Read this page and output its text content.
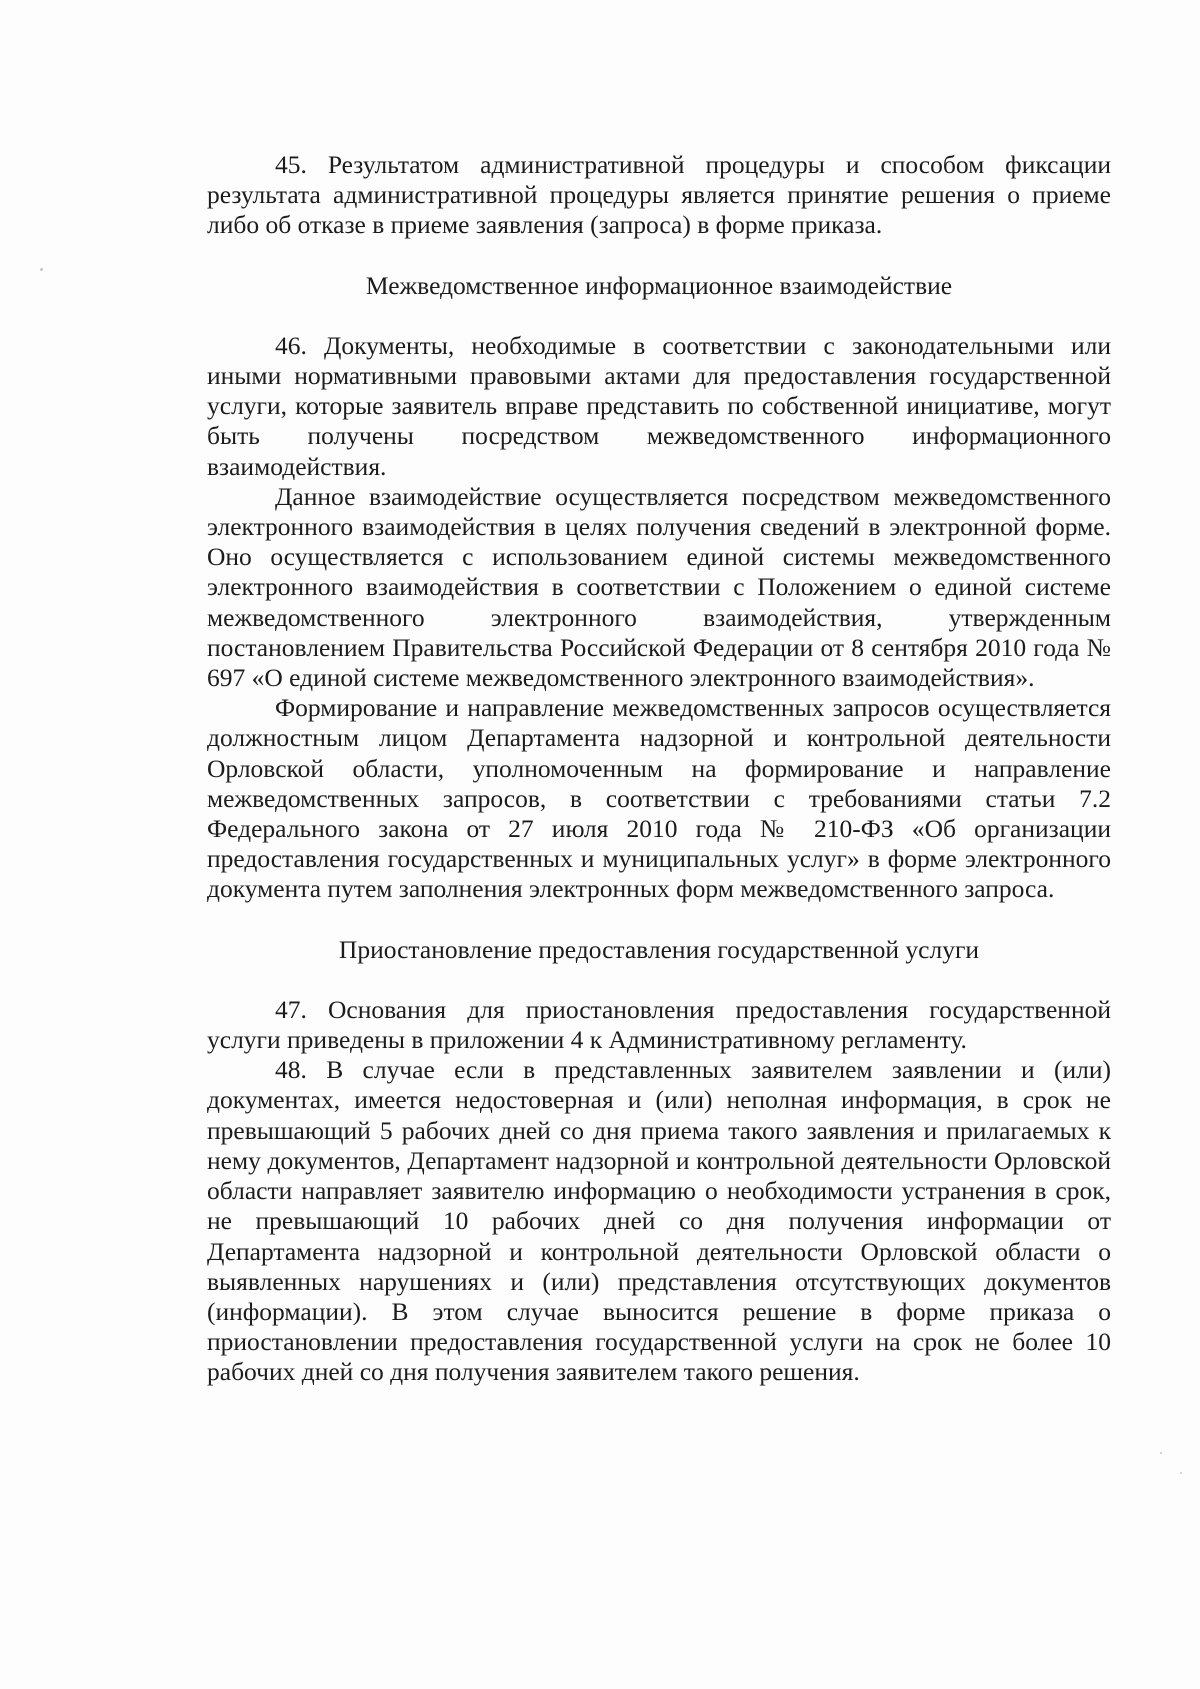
45. Результатом административной процедуры и способом фиксации результата административной процедуры является принятие решения о приеме либо об отказе в приеме заявления (запроса) в форме приказа.

Межведомственное информационное взаимодействие

46. Документы, необходимые в соответствии с законодательными или иными нормативными правовыми актами для предоставления государственной услуги, которые заявитель вправе представить по собственной инициативе, могут быть получены посредством межведомственного информационного взаимодействия.

Данное взаимодействие осуществляется посредством межведомственного электронного взаимодействия в целях получения сведений в электронной форме. Оно осуществляется с использованием единой системы межведомственного электронного взаимодействия в соответствии с Положением о единой системе межведомственного электронного взаимодействия, утвержденным постановлением Правительства Российской Федерации от 8 сентября 2010 года № 697 «О единой системе межведомственного электронного взаимодействия».

Формирование и направление межведомственных запросов осуществляется должностным лицом Департамента надзорной и контрольной деятельности Орловской области, уполномоченным на формирование и направление межведомственных запросов, в соответствии с требованиями статьи 7.2 Федерального закона от 27 июля 2010 года № 210-ФЗ «Об организации предоставления государственных и муниципальных услуг» в форме электронного документа путем заполнения электронных форм межведомственного запроса.

Приостановление предоставления государственной услуги

47. Основания для приостановления предоставления государственной услуги приведены в приложении 4 к Административному регламенту.

48. В случае если в представленных заявителем заявлении и (или) документах, имеется недостоверная и (или) неполная информация, в срок не превышающий 5 рабочих дней со дня приема такого заявления и прилагаемых к нему документов, Департамент надзорной и контрольной деятельности Орловской области направляет заявителю информацию о необходимости устранения в срок, не превышающий 10 рабочих дней со дня получения информации от Департамента надзорной и контрольной деятельности Орловской области о выявленных нарушениях и (или) представления отсутствующих документов (информации). В этом случае выносится решение в форме приказа о приостановлении предоставления государственной услуги на срок не более 10 рабочих дней со дня получения заявителем такого решения.
